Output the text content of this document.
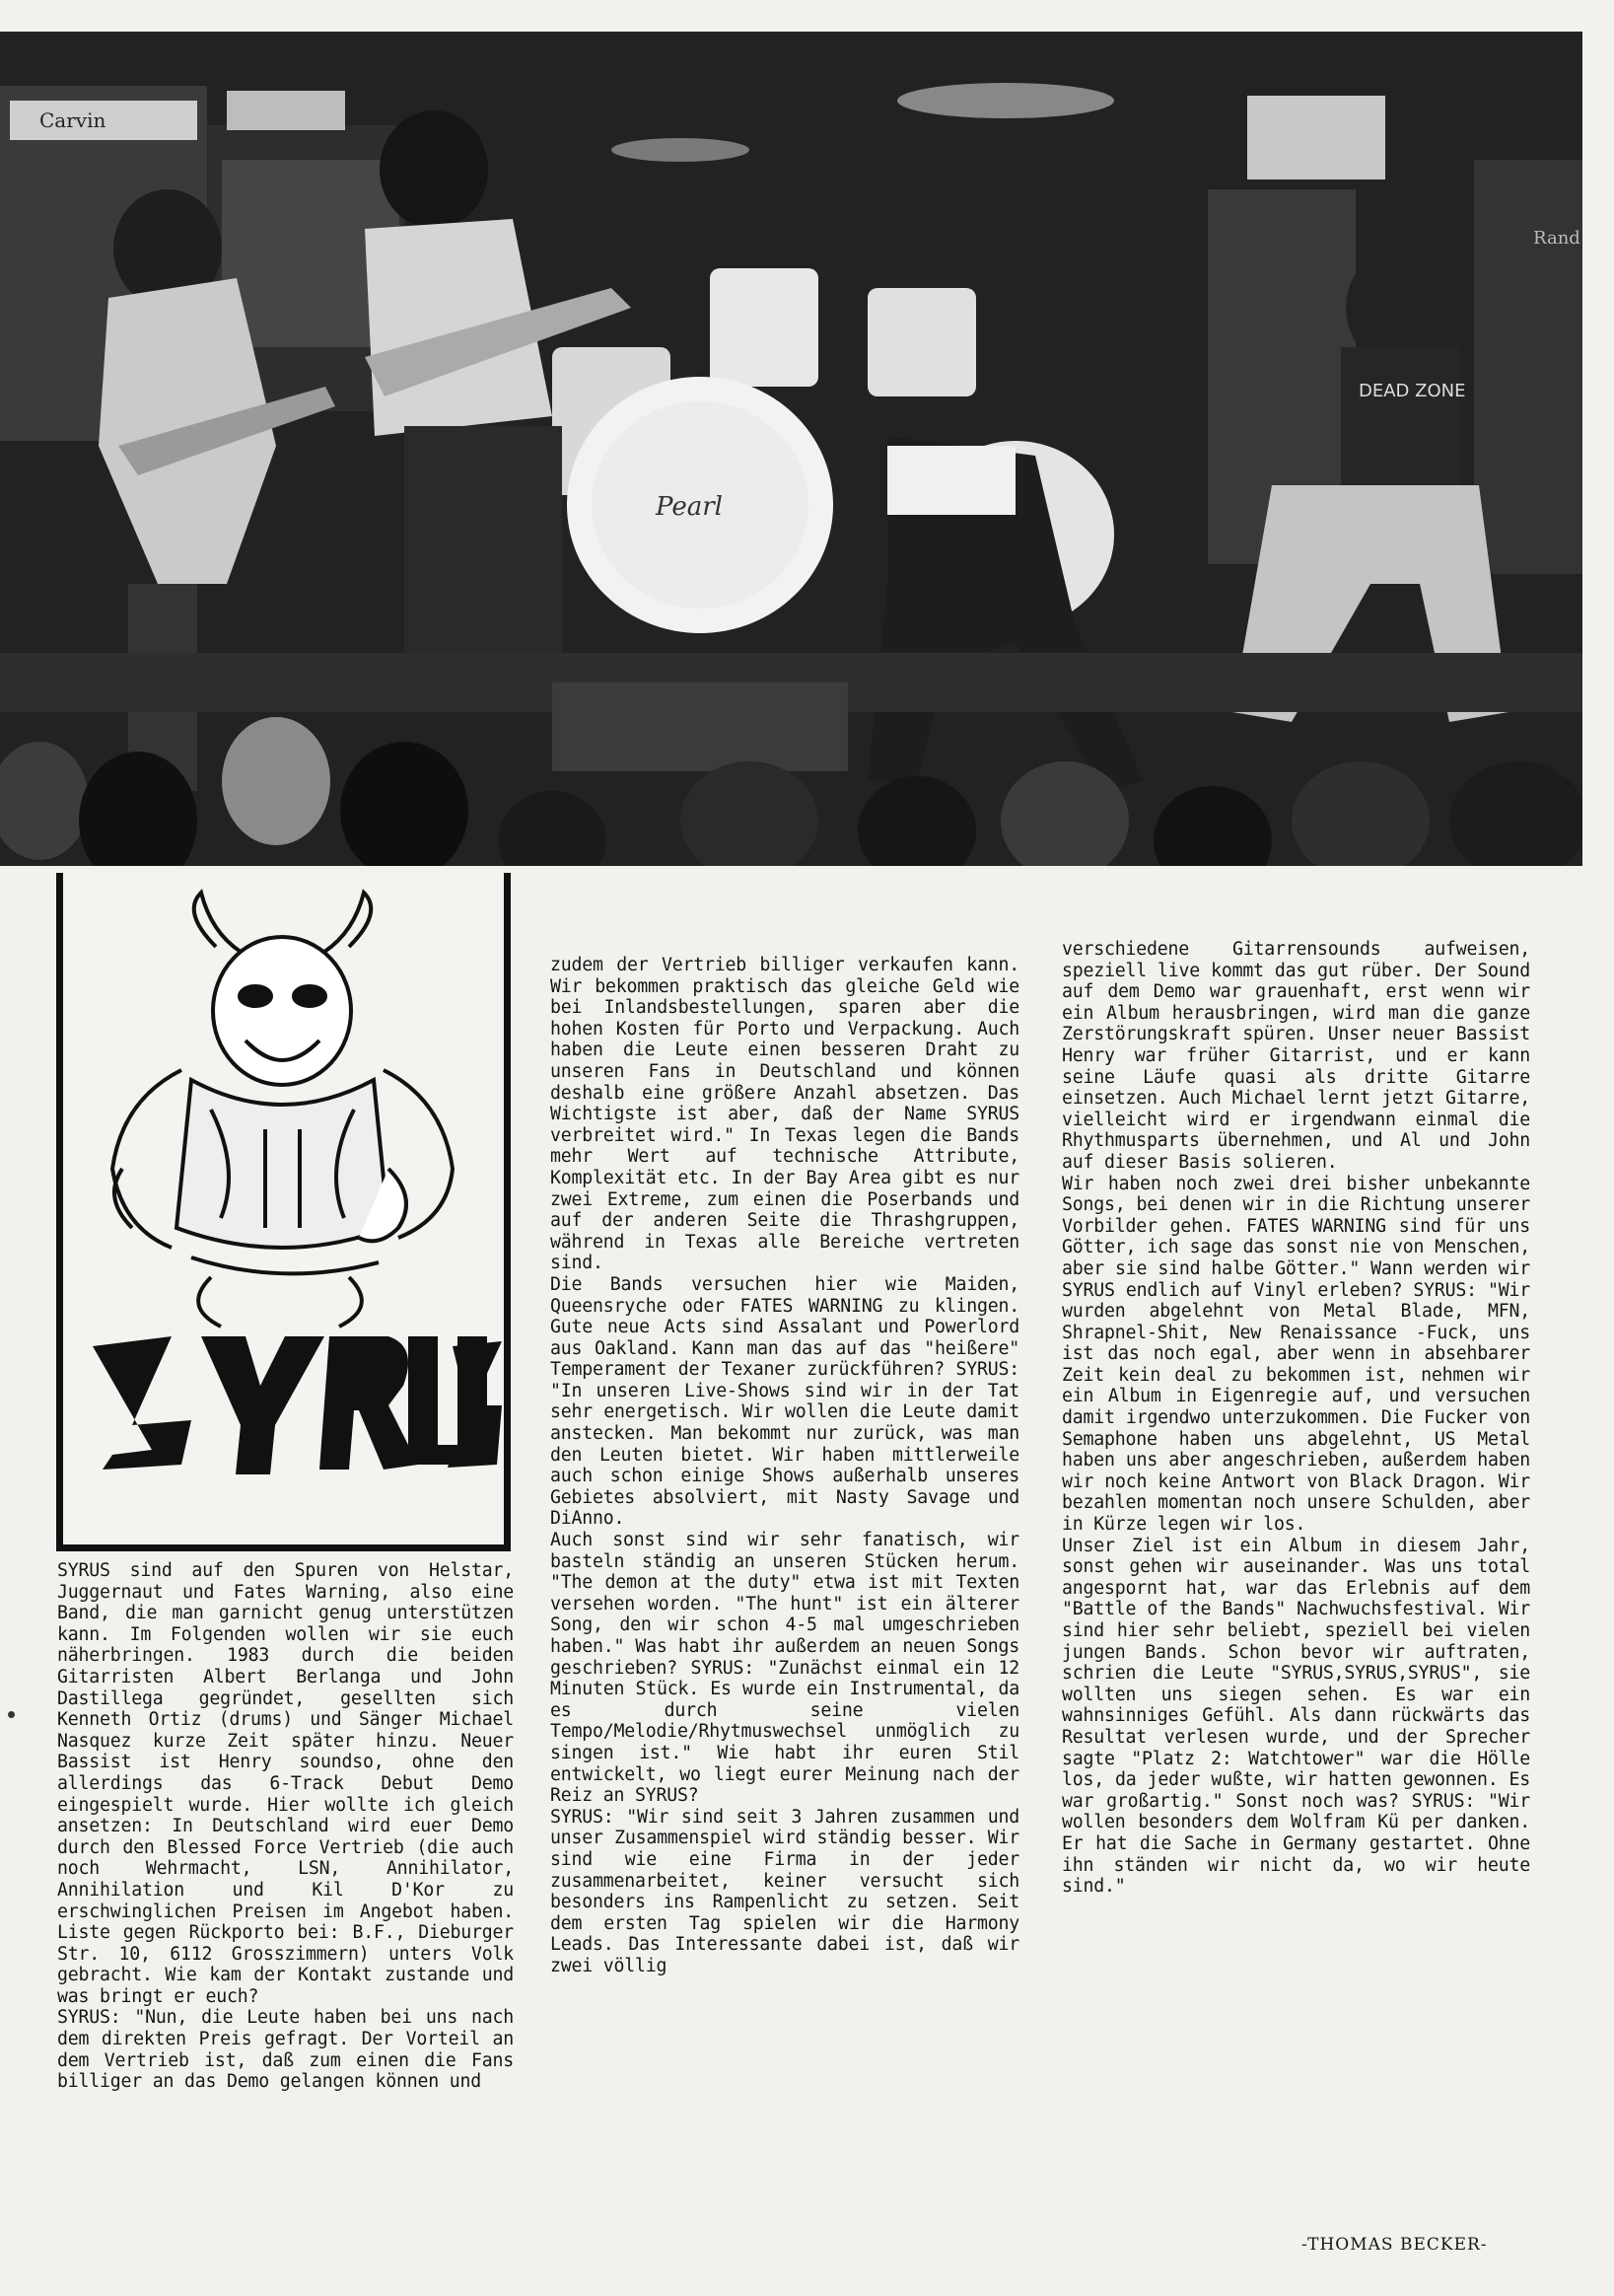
Carvin
Rand
Pearl
DEAD ZONE
SYRUS sind auf den Spuren von Helstar, Juggernaut und Fates Warning, also eine Band, die man garnicht genug unterstützen kann. Im Folgenden wollen wir sie euch näherbringen. 1983 durch die beiden Gitarristen Albert Berlanga und John Dastillega gegründet, gesellten sich Kenneth Ortiz (drums) und Sänger Michael Nasquez kurze Zeit später hinzu. Neuer Bassist ist Henry soundso, ohne den allerdings das 6-Track Debut Demo eingespielt wurde. Hier wollte ich gleich ansetzen: In Deutschland wird euer Demo durch den Blessed Force Vertrieb (die auch noch Wehrmacht, LSN, Annihilator, Annihilation und Kil D'Kor zu erschwinglichen Preisen im Angebot haben. Liste gegen Rückporto bei: B.F., Dieburger Str. 10, 6112 Grosszimmern) unters Volk gebracht. Wie kam der Kontakt zustande und was bringt er euch?
SYRUS: "Nun, die Leute haben bei uns nach dem direkten Preis gefragt. Der Vorteil an dem Vertrieb ist, daß zum einen die Fans billiger an das Demo gelangen können und
zudem der Vertrieb billiger verkaufen kann. Wir bekommen praktisch das gleiche Geld wie bei Inlandsbestellungen, sparen aber die hohen Kosten für Porto und Verpackung. Auch haben die Leute einen besseren Draht zu unseren Fans in Deutschland und können deshalb eine größere Anzahl absetzen. Das Wichtigste ist aber, daß der Name SYRUS verbreitet wird." In Texas legen die Bands mehr Wert auf technische Attribute, Komplexität etc. In der Bay Area gibt es nur zwei Extreme, zum einen die Poserbands und auf der anderen Seite die Thrashgruppen, während in Texas alle Bereiche vertreten sind.
Die Bands versuchen hier wie Maiden, Queensryche oder FATES WARNING zu klingen. Gute neue Acts sind Assalant und Powerlord aus Oakland. Kann man das auf das "heißere" Temperament der Texaner zurückführen? SYRUS: "In unseren Live-Shows sind wir in der Tat sehr energetisch. Wir wollen die Leute damit anstecken. Man bekommt nur zurück, was man den Leuten bietet. Wir haben mittlerweile auch schon einige Shows außerhalb unseres Gebietes absolviert, mit Nasty Savage und DiAnno.
Auch sonst sind wir sehr fanatisch, wir basteln ständig an unseren Stücken herum. "The demon at the duty" etwa ist mit Texten versehen worden. "The hunt" ist ein älterer Song, den wir schon 4-5 mal umgeschrieben haben." Was habt ihr außerdem an neuen Songs geschrieben? SYRUS: "Zunächst einmal ein 12 Minuten Stück. Es wurde ein Instrumental, da es durch seine vielen Tempo/Melodie/Rhytmuswechsel unmöglich zu singen ist." Wie habt ihr euren Stil entwickelt, wo liegt eurer Meinung nach der Reiz an SYRUS?
SYRUS: "Wir sind seit 3 Jahren zusammen und unser Zusammenspiel wird ständig besser. Wir sind wie eine Firma in der jeder zusammenarbeitet, keiner versucht sich besonders ins Rampenlicht zu setzen. Seit dem ersten Tag spielen wir die Harmony Leads. Das Interessante dabei ist, daß wir zwei völlig
verschiedene Gitarrensounds aufweisen, speziell live kommt das gut rüber. Der Sound auf dem Demo war grauenhaft, erst wenn wir ein Album herausbringen, wird man die ganze Zerstörungskraft spüren. Unser neuer Bassist Henry war früher Gitarrist, und er kann seine Läufe quasi als dritte Gitarre einsetzen. Auch Michael lernt jetzt Gitarre, vielleicht wird er irgendwann einmal die Rhythmusparts übernehmen, und Al und John auf dieser Basis solieren.
Wir haben noch zwei drei bisher unbekannte Songs, bei denen wir in die Richtung unserer Vorbilder gehen. FATES WARNING sind für uns Götter, ich sage das sonst nie von Menschen, aber sie sind halbe Götter." Wann werden wir SYRUS endlich auf Vinyl erleben? SYRUS: "Wir wurden abgelehnt von Metal Blade, MFN, Shrapnel-Shit, New Renaissance -Fuck, uns ist das noch egal, aber wenn in absehbarer Zeit kein deal zu bekommen ist, nehmen wir ein Album in Eigenregie auf, und versuchen damit irgendwo unterzukommen. Die Fucker von Semaphone haben uns abgelehnt, US Metal haben uns aber angeschrieben, außerdem haben wir noch keine Antwort von Black Dragon. Wir bezahlen momentan noch unsere Schulden, aber in Kürze legen wir los.
Unser Ziel ist ein Album in diesem Jahr, sonst gehen wir auseinander. Was uns total angespornt hat, war das Erlebnis auf dem "Battle of the Bands" Nachwuchsfestival. Wir sind hier sehr beliebt, speziell bei vielen jungen Bands. Schon bevor wir auftraten, schrien die Leute "SYRUS,SYRUS,SYRUS", sie wollten uns siegen sehen. Es war ein wahnsinniges Gefühl. Als dann rückwärts das Resultat verlesen wurde, und der Sprecher sagte "Platz 2: Watchtower" war die Hölle los, da jeder wußte, wir hatten gewonnen. Es war großartig." Sonst noch was? SYRUS: "Wir wollen besonders dem Wolfram Kü per danken. Er hat die Sache in Germany gestartet. Ohne ihn ständen wir nicht da, wo wir heute sind."
-THOMAS BECKER-
